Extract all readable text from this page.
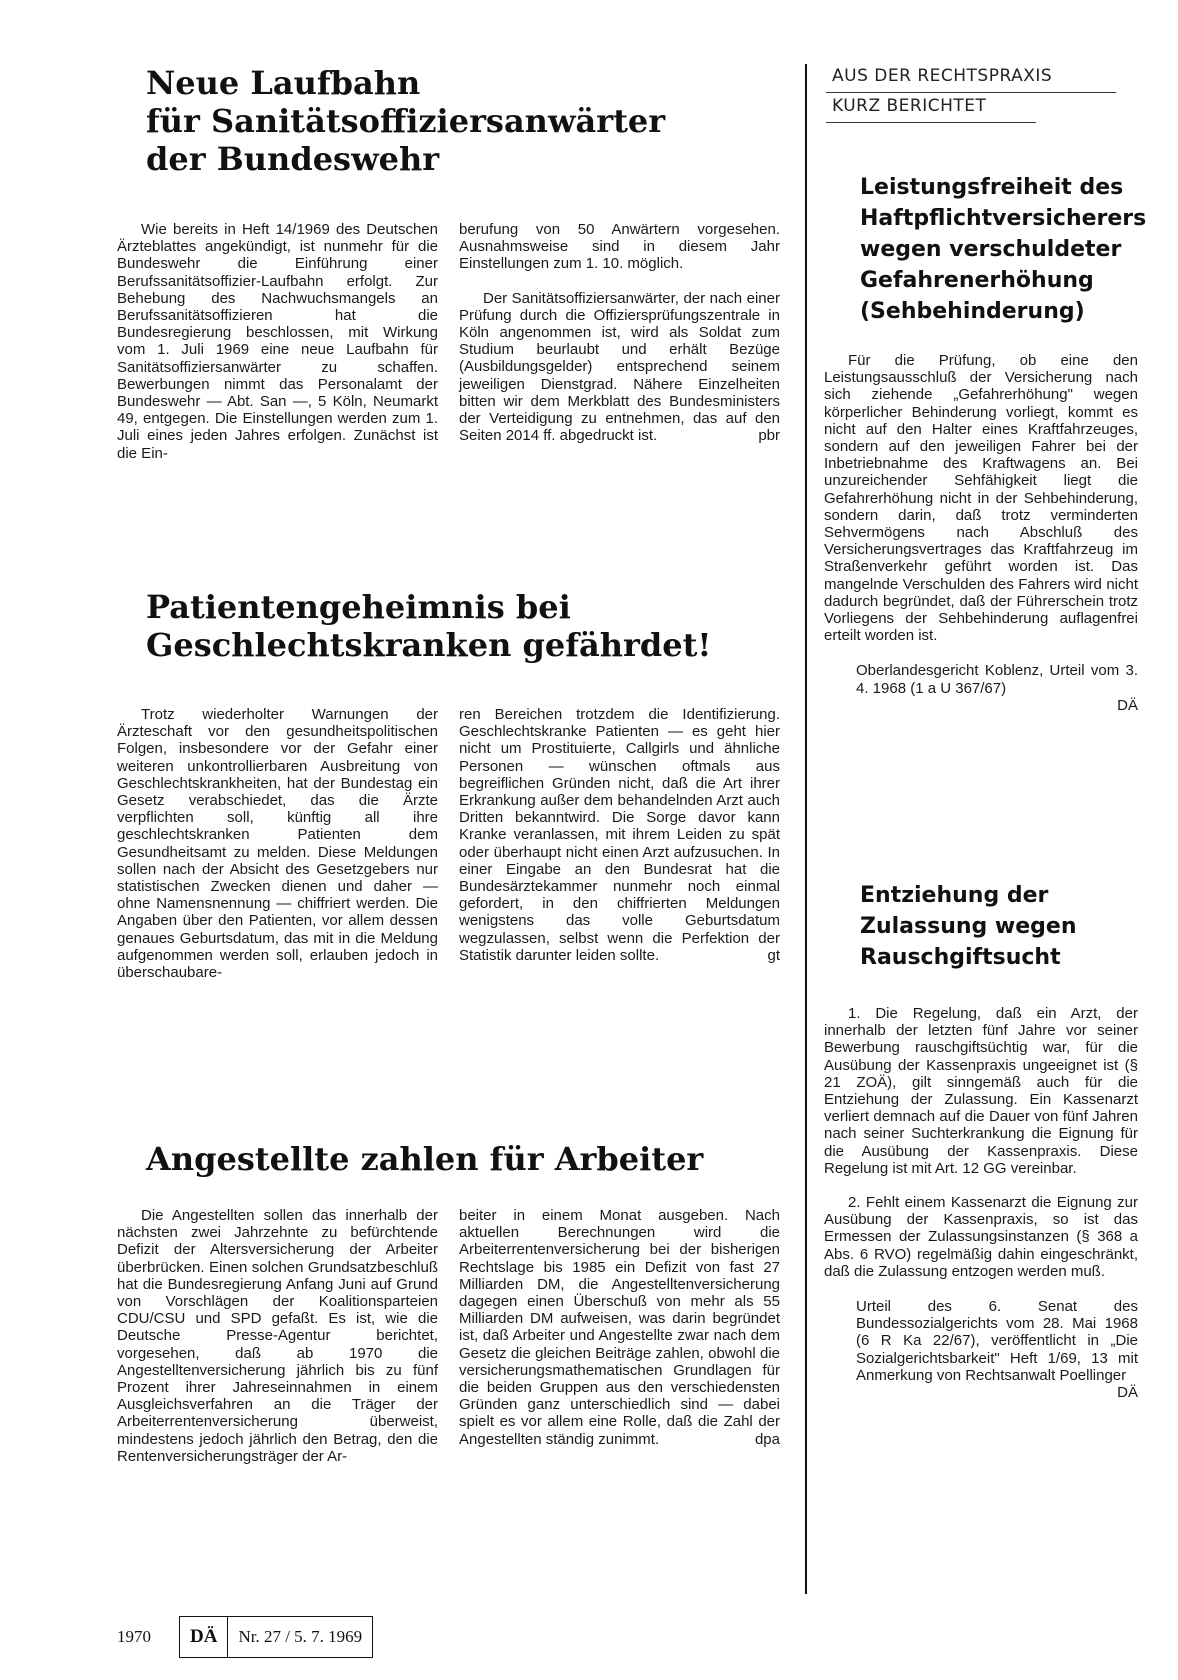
Neue Laufbahn
für Sanitätsoffiziersanwärter
der Bundeswehr

Wie bereits in Heft 14/1969 des Deutschen Ärzteblattes angekündigt, ist nunmehr für die Bundeswehr die Einführung einer Berufssanitätsoffizier-Laufbahn erfolgt. Zur Behebung des Nachwuchsmangels an Berufssanitätsoffizieren hat die Bundesregierung beschlossen, mit Wirkung vom 1. Juli 1969 eine neue Laufbahn für Sanitätsoffiziersanwärter zu schaffen. Bewerbungen nimmt das Personalamt der Bundeswehr — Abt. San —, 5 Köln, Neumarkt 49, entgegen. Die Einstellungen werden zum 1. Juli eines jeden Jahres erfolgen. Zunächst ist die Ein-

berufung von 50 Anwärtern vorgesehen. Ausnahmsweise sind in diesem Jahr Einstellungen zum 1. 10. möglich.

Der Sanitätsoffiziersanwärter, der nach einer Prüfung durch die Offiziersprüfungszentrale in Köln angenommen ist, wird als Soldat zum Studium beurlaubt und erhält Bezüge (Ausbildungsgelder) entsprechend seinem jeweiligen Dienstgrad. Nähere Einzelheiten bitten wir dem Merkblatt des Bundesministers der Verteidigung zu entnehmen, das auf den Seiten 2014 ff. abgedruckt ist.	pbr

Patientengeheimnis bei
Geschlechtskranken gefährdet!

Trotz wiederholter Warnungen der Ärzteschaft vor den gesundheitspolitischen Folgen, insbesondere vor der Gefahr einer weiteren unkontrollierbaren Ausbreitung von Geschlechtskrankheiten, hat der Bundestag ein Gesetz verabschiedet, das die Ärzte verpflichten soll, künftig all ihre geschlechtskranken Patienten dem Gesundheitsamt zu melden. Diese Meldungen sollen nach der Absicht des Gesetzgebers nur statistischen Zwecken dienen und daher — ohne Namensnennung — chiffriert werden. Die Angaben über den Patienten, vor allem dessen genaues Geburtsdatum, das mit in die Meldung aufgenommen werden soll, erlauben jedoch in überschaubare-

ren Bereichen trotzdem die Identifizierung. Geschlechtskranke Patienten — es geht hier nicht um Prostituierte, Callgirls und ähnliche Personen — wünschen oftmals aus begreiflichen Gründen nicht, daß die Art ihrer Erkrankung außer dem behandelnden Arzt auch Dritten bekanntwird. Die Sorge davor kann Kranke veranlassen, mit ihrem Leiden zu spät oder überhaupt nicht einen Arzt aufzusuchen. In einer Eingabe an den Bundesrat hat die Bundesärztekammer nunmehr noch einmal gefordert, in den chiffrierten Meldungen wenigstens das volle Geburtsdatum wegzulassen, selbst wenn die Perfektion der Statistik darunter leiden sollte.	gt

Angestellte zahlen für Arbeiter

Die Angestellten sollen das innerhalb der nächsten zwei Jahrzehnte zu befürchtende Defizit der Altersversicherung der Arbeiter überbrücken. Einen solchen Grundsatzbeschluß hat die Bundesregierung Anfang Juni auf Grund von Vorschlägen der Koalitionsparteien CDU/CSU und SPD gefaßt. Es ist, wie die Deutsche Presse-Agentur berichtet, vorgesehen, daß ab 1970 die Angestelltenversicherung jährlich bis zu fünf Prozent ihrer Jahreseinnahmen in einem Ausgleichsverfahren an die Träger der Arbeiterrentenversicherung überweist, mindestens jedoch jährlich den Betrag, den die Rentenversicherungsträger der Ar-

beiter in einem Monat ausgeben. Nach aktuellen Berechnungen wird die Arbeiterrentenversicherung bei der bisherigen Rechtslage bis 1985 ein Defizit von fast 27 Milliarden DM, die Angestelltenversicherung dagegen einen Überschuß von mehr als 55 Milliarden DM aufweisen, was darin begründet ist, daß Arbeiter und Angestellte zwar nach dem Gesetz die gleichen Beiträge zahlen, obwohl die versicherungsmathematischen Grundlagen für die beiden Gruppen aus den verschiedensten Gründen ganz unterschiedlich sind — dabei spielt es vor allem eine Rolle, daß die Zahl der Angestellten ständig zunimmt.	dpa

AUS DER RECHTSPRAXIS
KURZ BERICHTET
Leistungsfreiheit des
Haftpflichtversicherers
wegen verschuldeter
Gefahrenerhöhung
(Sehbehinderung)

Für die Prüfung, ob eine den Leistungsausschluß der Versicherung nach sich ziehende „Gefahrerhöhung" wegen körperlicher Behinderung vorliegt, kommt es nicht auf den Halter eines Kraftfahrzeuges, sondern auf den jeweiligen Fahrer bei der Inbetriebnahme des Kraftwagens an. Bei unzureichender Sehfähigkeit liegt die Gefahrerhöhung nicht in der Sehbehinderung, sondern darin, daß trotz verminderten Sehvermögens nach Abschluß des Versicherungsvertrages das Kraftfahrzeug im Straßenverkehr geführt worden ist. Das mangelnde Verschulden des Fahrers wird nicht dadurch begründet, daß der Führerschein trotz Vorliegens der Sehbehinderung auflagenfrei erteilt worden ist.

Oberlandesgericht Koblenz, Urteil vom 3. 4. 1968 (1 a U 367/67)

DÄ

Entziehung der
Zulassung wegen
Rauschgiftsucht

1. Die Regelung, daß ein Arzt, der innerhalb der letzten fünf Jahre vor seiner Bewerbung rauschgiftsüchtig war, für die Ausübung der Kassenpraxis ungeeignet ist (§ 21 ZOÄ), gilt sinngemäß auch für die Entziehung der Zulassung. Ein Kassenarzt verliert demnach auf die Dauer von fünf Jahren nach seiner Suchterkrankung die Eignung für die Ausübung der Kassenpraxis. Diese Regelung ist mit Art. 12 GG vereinbar.

2. Fehlt einem Kassenarzt die Eignung zur Ausübung der Kassenpraxis, so ist das Ermessen der Zulassungsinstanzen (§ 368 a Abs. 6 RVO) regelmäßig dahin eingeschränkt, daß die Zulassung entzogen werden muß.

Urteil des 6. Senat des Bundessozialgerichts vom 28. Mai 1968 (6 R Ka 22/67), veröffentlicht in „Die Sozialgerichtsbarkeit" Heft 1/69, 13 mit Anmerkung von Rechtsanwalt Poellinger
DÄ

1970	DÄ	Nr. 27 / 5. 7. 1969
